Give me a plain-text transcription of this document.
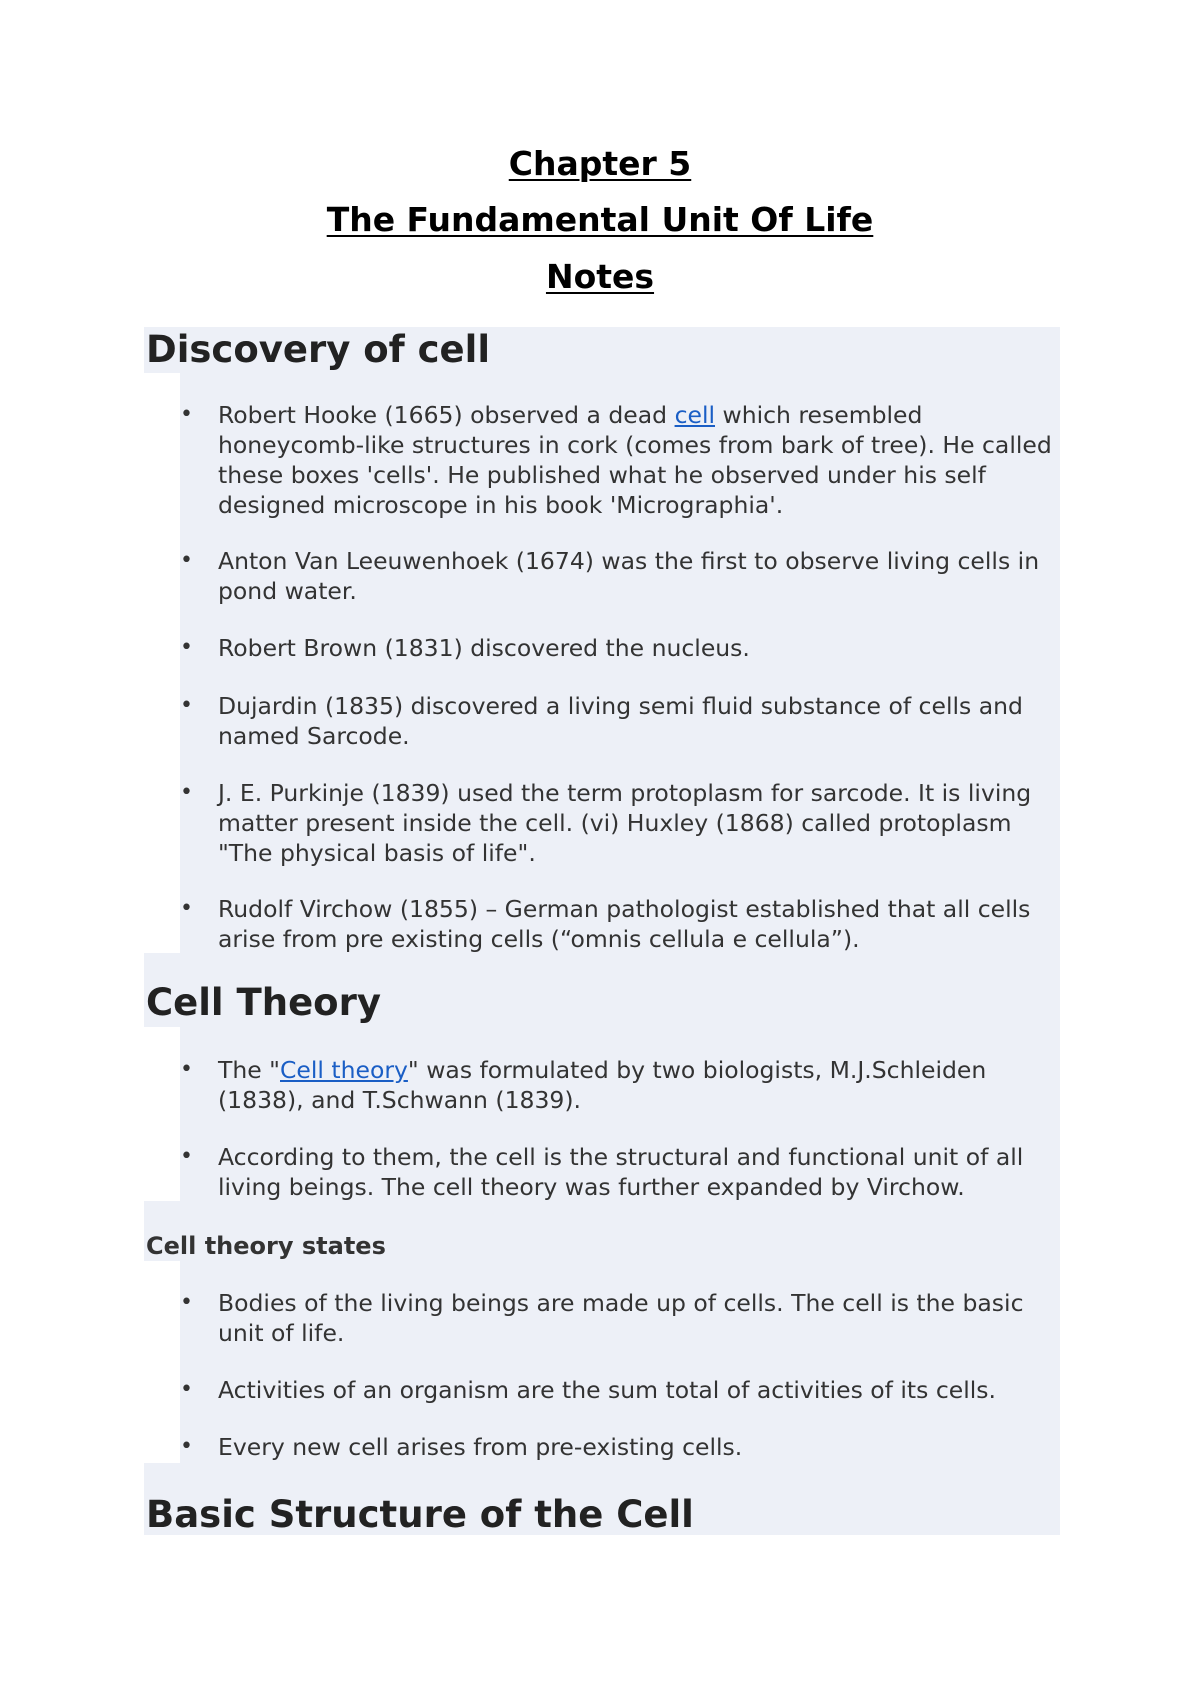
Chapter 5
The Fundamental Unit Of Life
Notes
Discovery of cell
• Robert Hooke (1665) observed a dead cell which resembled honeycomb-like structures in cork (comes from bark of tree). He called these boxes 'cells'. He published what he observed under his self designed microscope in his book 'Micrographia'.
• Anton Van Leeuwenhoek (1674) was the first to observe living cells in pond water.
• Robert Brown (1831) discovered the nucleus.
• Dujardin (1835) discovered a living semi fluid substance of cells and named Sarcode.
• J. E. Purkinje (1839) used the term protoplasm for sarcode. It is living matter present inside the cell. (vi) Huxley (1868) called protoplasm "The physical basis of life".
• Rudolf Virchow (1855) – German pathologist established that all cells arise from pre existing cells (“omnis cellula e cellula”).
Cell Theory
• The "Cell theory" was formulated by two biologists, M.J.Schleiden (1838), and T.Schwann (1839).
• According to them, the cell is the structural and functional unit of all living beings. The cell theory was further expanded by Virchow.
Cell theory states
• Bodies of the living beings are made up of cells. The cell is the basic unit of life.
• Activities of an organism are the sum total of activities of its cells.
• Every new cell arises from pre-existing cells.
Basic Structure of the Cell
